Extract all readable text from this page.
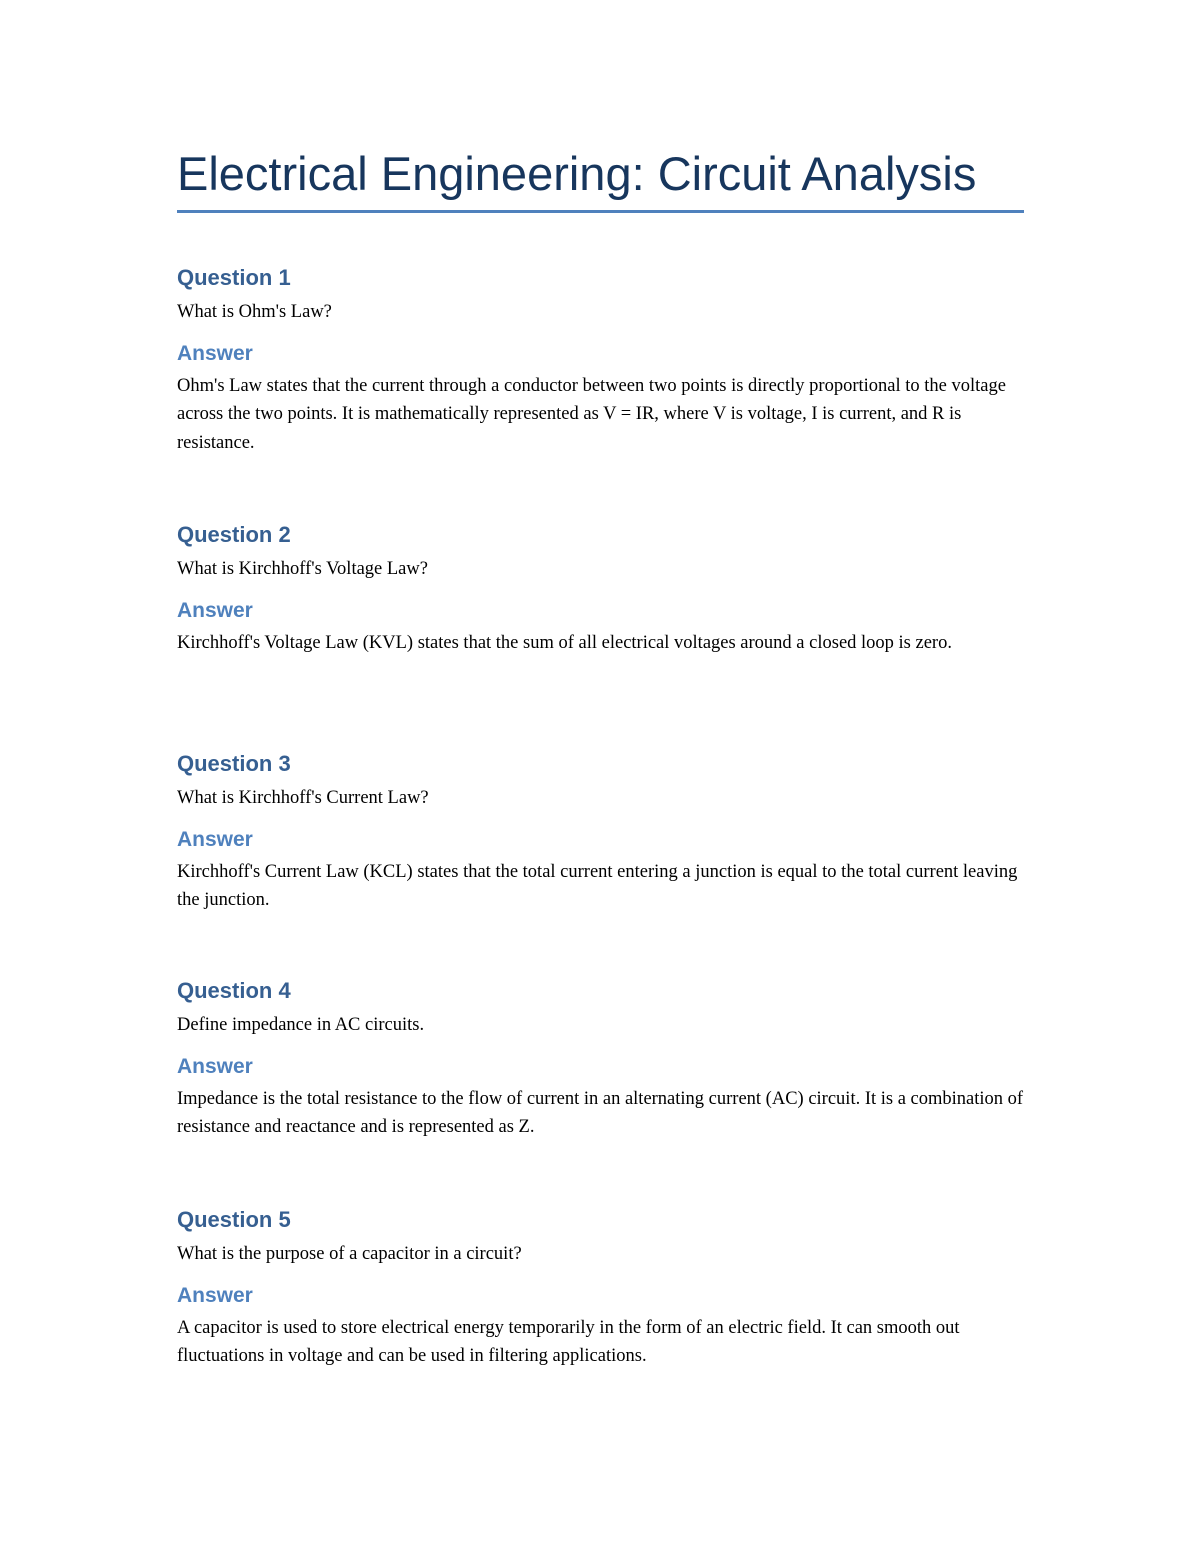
Electrical Engineering: Circuit Analysis
Question 1

What is Ohm's Law?

Answer

Ohm's Law states that the current through a conductor between two points is directly proportional to the voltage across the two points. It is mathematically represented as V = IR, where V is voltage, I is current, and R is resistance.

Question 2

What is Kirchhoff's Voltage Law?

Answer

Kirchhoff's Voltage Law (KVL) states that the sum of all electrical voltages around a closed loop is zero.

Question 3

What is Kirchhoff's Current Law?

Answer

Kirchhoff's Current Law (KCL) states that the total current entering a junction is equal to the total current leaving the junction.

Question 4

Define impedance in AC circuits.

Answer

Impedance is the total resistance to the flow of current in an alternating current (AC) circuit. It is a combination of resistance and reactance and is represented as Z.

Question 5

What is the purpose of a capacitor in a circuit?

Answer

A capacitor is used to store electrical energy temporarily in the form of an electric field. It can smooth out fluctuations in voltage and can be used in filtering applications.
